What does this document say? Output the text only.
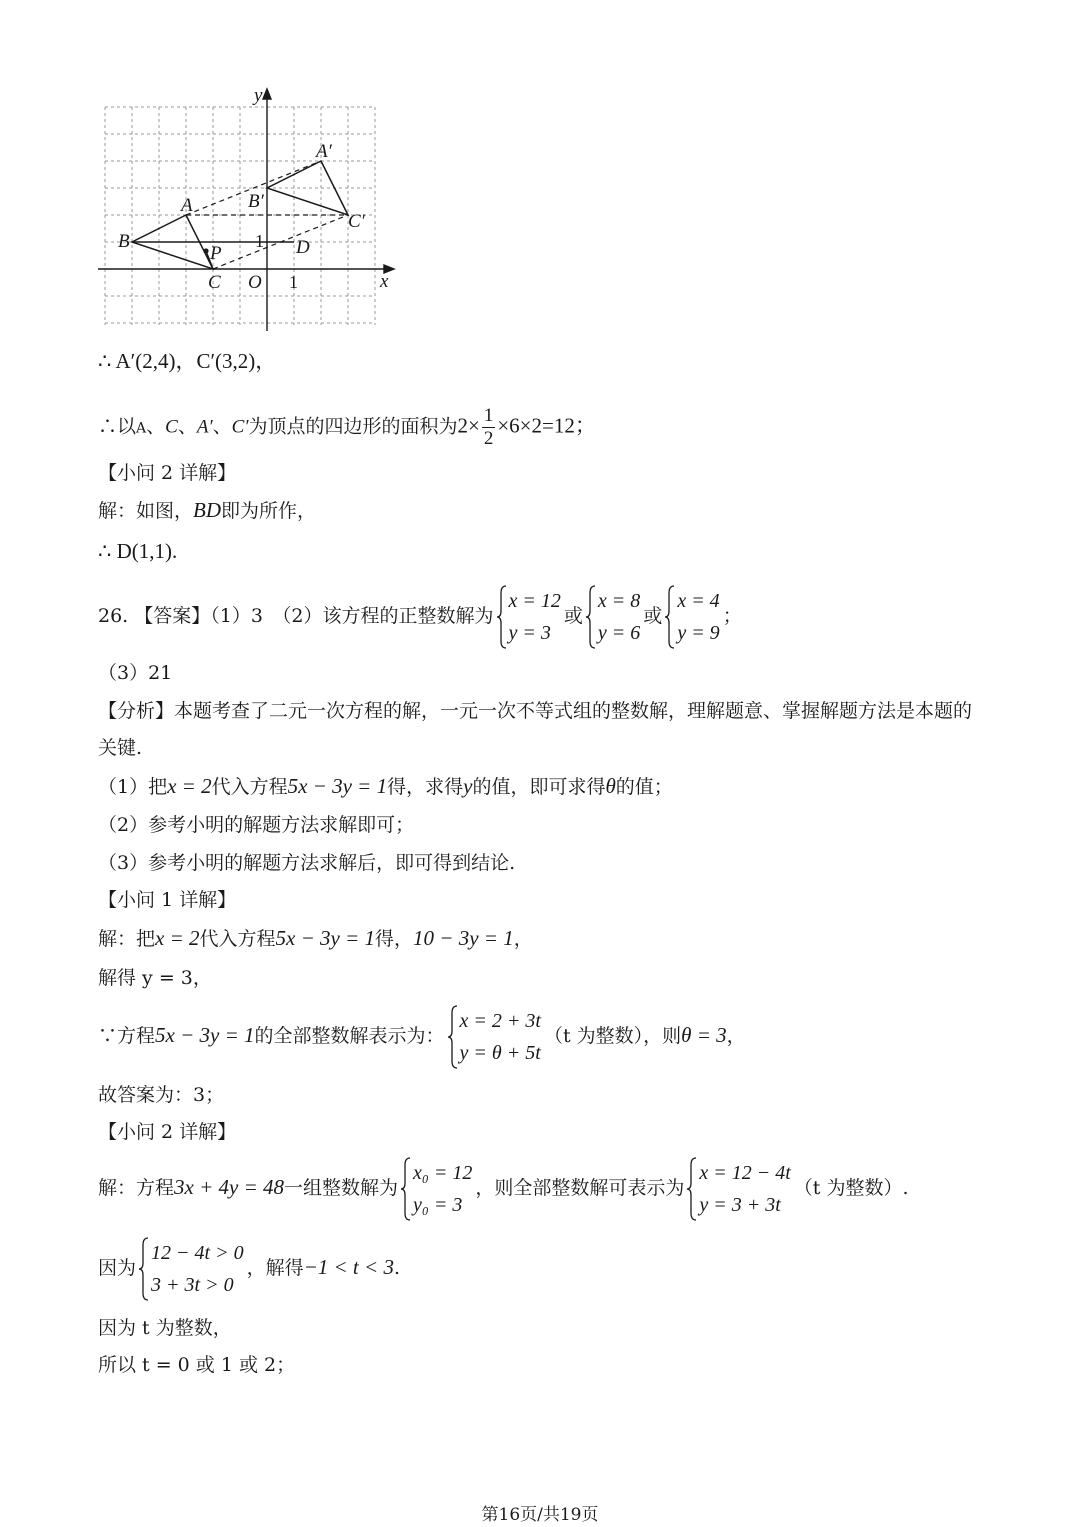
y
x
A
B
C
P	D
O
A′
B′
C′
1
1
∴ A′(2,4)，C′(3,2)，
∴以A、C、A′、C′为顶点的四边形的面积为$2\times \frac{1}{2} \times 6\times 2=12$；
【小问 2 详解】
解：如图，BD即为所作，
∴ D(1,1).
26. 【答案】（1）3　（2）该方程的正整数解为
x = 12
y = 3
或
x = 8
y = 6
或
x = 4
y = 9
；
（3）21
【分析】本题考查了二元一次方程的解，一元一次不等式组的整数解，理解题意、掌握解题方法是本题的
关键.
（1）把x = 2代入方程5x − 3y = 1得，求得y的值，即可求得θ的值；
（2）参考小明的解题方法求解即可；
（3）参考小明的解题方法求解后，即可得到结论.
【小问 1 详解】
解：把x = 2代入方程5x − 3y = 1得，10 − 3y = 1，
解得 y = 3，
∵方程5x − 3y = 1的全部整数解表示为：
x = 2 + 3t
y = θ + 5t
（t 为整数），则θ = 3，
故答案为：3；
【小问 2 详解】
解：方程3x + 4y = 48一组整数解为
x₀ = 12
y₀ = 3
，则全部整数解可表示为
x = 12 − 4t
y = 3 + 3t
（t 为整数）.
因为
12 − 4t > 0
3 + 3t > 0
，解得−1 < t < 3.
因为 t 为整数，
所以 t = 0 或 1 或 2；
第16页/共19页
